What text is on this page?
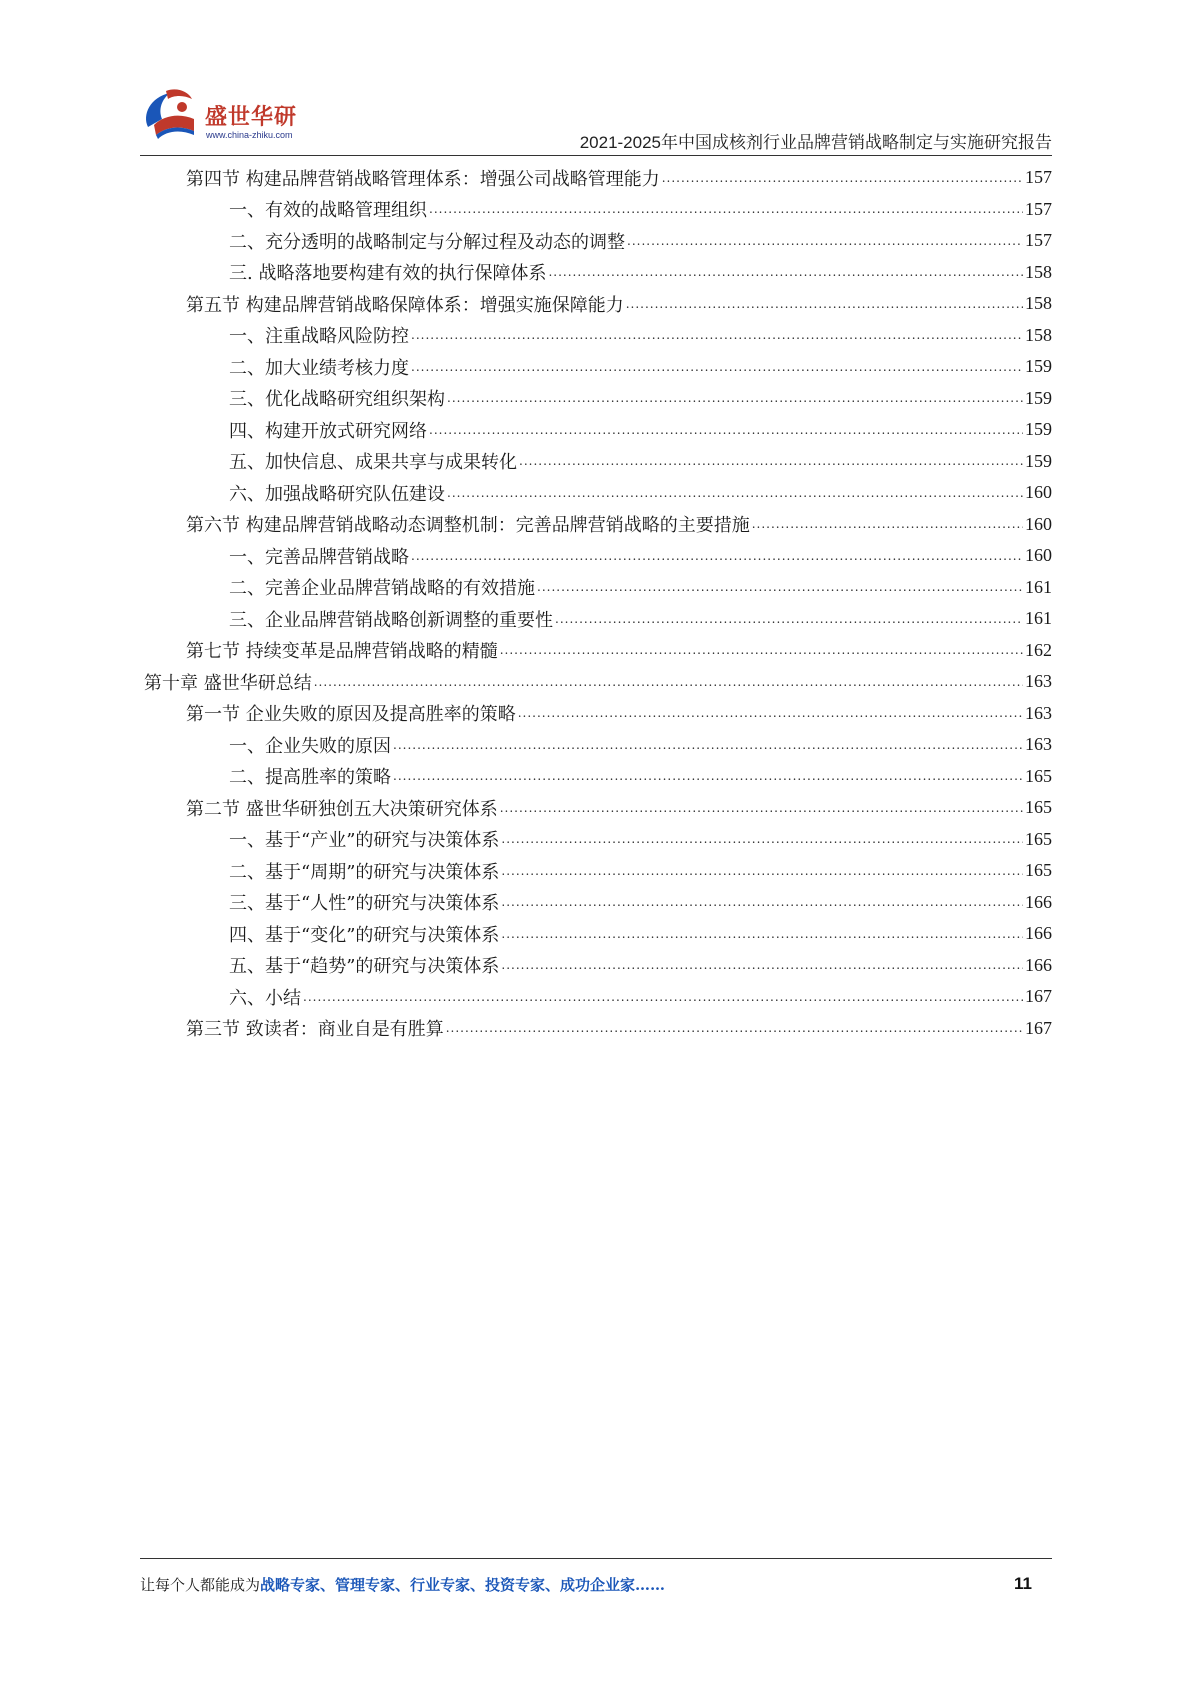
盛世华研
www.china-zhiku.com	2021-2025年中国成核剂行业品牌营销战略制定与实施研究报告
第四节 构建品牌营销战略管理体系：增强公司战略管理能力 .....	157
一、有效的战略管理组织 .....	157
二、充分透明的战略制定与分解过程及动态的调整 .....	157
三. 战略落地要构建有效的执行保障体系 .....	158
第五节 构建品牌营销战略保障体系：增强实施保障能力 .....	158
一、注重战略风险防控 .....	158
二、加大业绩考核力度 .....	159
三、优化战略研究组织架构 .....	159
四、构建开放式研究网络 .....	159
五、加快信息、成果共享与成果转化 .....	159
六、加强战略研究队伍建设 .....	160
第六节 构建品牌营销战略动态调整机制：完善品牌营销战略的主要措施 .....	160
一、完善品牌营销战略 .....	160
二、完善企业品牌营销战略的有效措施 .....	161
三、企业品牌营销战略创新调整的重要性 .....	161
第七节 持续变革是品牌营销战略的精髓 .....	162
第十章 盛世华研总结 .....	163
第一节 企业失败的原因及提高胜率的策略 .....	163
一、企业失败的原因 .....	163
二、提高胜率的策略 .....	165
第二节 盛世华研独创五大决策研究体系 .....	165
一、基于“产业”的研究与决策体系 .....	165
二、基于“周期”的研究与决策体系 .....	165
三、基于“人性”的研究与决策体系 .....	166
四、基于“变化”的研究与决策体系 .....	166
五、基于“趋势”的研究与决策体系 .....	166
六、小结 .....	167
第三节 致读者：商业自是有胜算 .....	167
让每个人都能成为战略专家、管理专家、行业专家、投资专家、成功企业家……	11
